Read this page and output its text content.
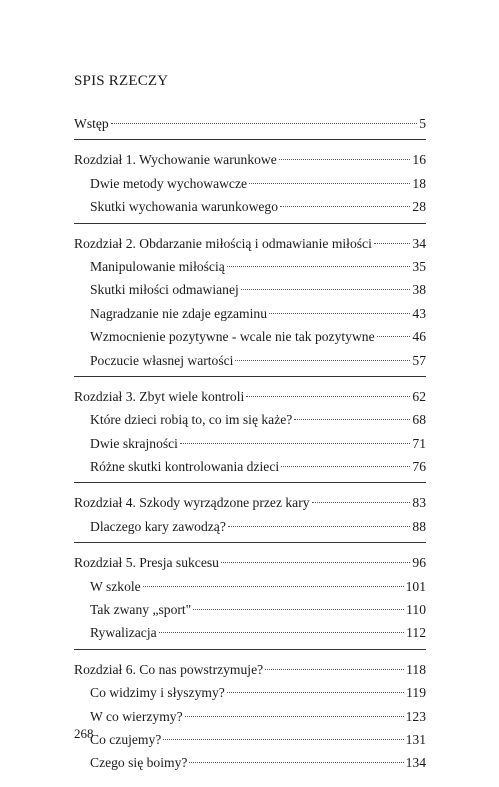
SPIS RZECZY
Wstęp	5
Rozdział 1. Wychowanie warunkowe	16
Dwie metody wychowawcze	18
Skutki wychowania warunkowego	28
Rozdział 2. Obdarzanie miłością i odmawianie miłości	34
Manipulowanie miłością	35
Skutki miłości odmawianej	38
Nagradzanie nie zdaje egzaminu	43
Wzmocnienie pozytywne - wcale nie tak pozytywne	46
Poczucie własnej wartości	57
Rozdział 3. Zbyt wiele kontroli	62
Które dzieci robią to, co im się każe?	68
Dwie skrajności	71
Różne skutki kontrolowania dzieci	76
Rozdział 4. Szkody wyrządzone przez kary	83
Dlaczego kary zawodzą?	88
Rozdział 5. Presja sukcesu	96
W szkole	101
Tak zwany „sport"	110
Rywalizacja	112
Rozdział 6. Co nas powstrzymuje?	118
Co widzimy i słyszymy?	119
W co wierzymy?	123
Co czujemy?	131
Czego się boimy?	134
268
